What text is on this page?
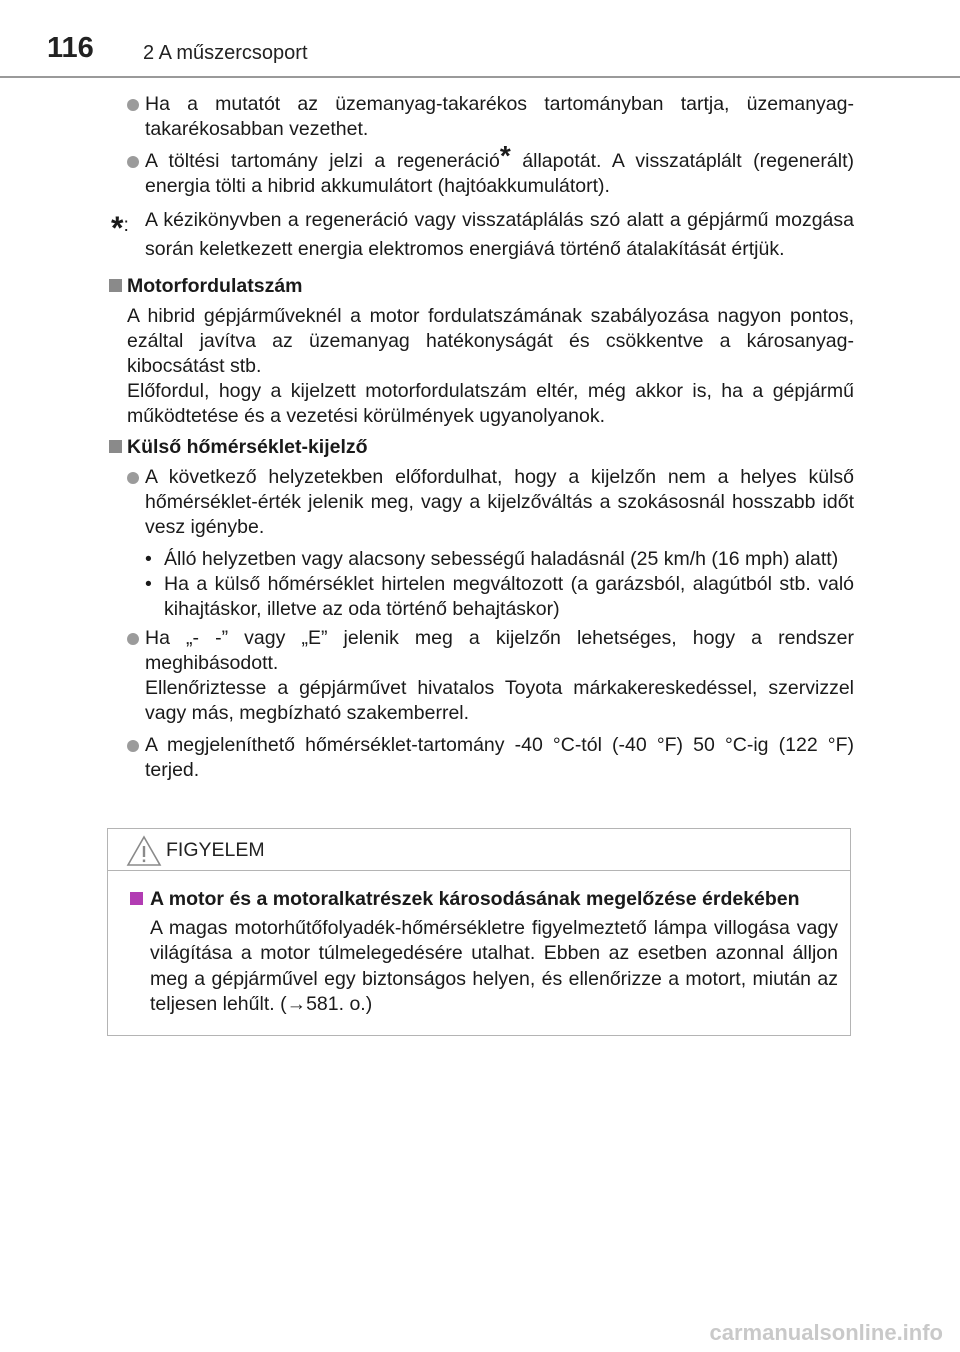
116 2 A műszercsoport
Ha a mutatót az üzemanyag-takarékos tartományban tartja, üzemanyag-takarékosabban vezethet.
A töltési tartomány jelzi a regeneráció* állapotát. A visszatáplált (regenerált) energia tölti a hibrid akkumulátort (hajtóakkumulátort).
*: A kézikönyvben a regeneráció vagy visszatáplálás szó alatt a gépjármű mozgása során keletkezett energia elektromos energiává történő átalakítását értjük.
Motorfordulatszám
A hibrid gépjárműveknél a motor fordulatszámának szabályozása nagyon pontos, ezáltal javítva az üzemanyag hatékonyságát és csökkentve a károsanyag-kibocsátást stb.
Előfordul, hogy a kijelzett motorfordulatszám eltér, még akkor is, ha a gépjármű működtetése és a vezetési körülmények ugyanolyanok.
Külső hőmérséklet-kijelző
A következő helyzetekben előfordulhat, hogy a kijelzőn nem a helyes külső hőmérséklet-érték jelenik meg, vagy a kijelzőváltás a szokásosnál hosszabb időt vesz igénybe.
• Álló helyzetben vagy alacsony sebességű haladásnál (25 km/h (16 mph) alatt)
• Ha a külső hőmérséklet hirtelen megváltozott (a garázsból, alagútból stb. való kihajtáskor, illetve az oda történő behajtáskor)
Ha „- -” vagy „E” jelenik meg a kijelzőn lehetséges, hogy a rendszer meghibásodott.
Ellenőriztesse a gépjárművet hivatalos Toyota márkakereskedéssel, szervizzel vagy más, megbízható szakemberrel.
A megjeleníthető hőmérséklet-tartomány -40 °C-tól (-40 °F) 50 °C-ig (122 °F) terjed.
FIGYELEM
A motor és a motoralkatrészek károsodásának megelőzése érdekében
A magas motorhűtőfolyadék-hőmérsékletre figyelmeztető lámpa villogása vagy világítása a motor túlmelegedésére utalhat. Ebben az esetben azonnal álljon meg a gépjárművel egy biztonságos helyen, és ellenőrizze a motort, miután az teljesen lehűlt. (→581. o.)
carmanualsonline.info
